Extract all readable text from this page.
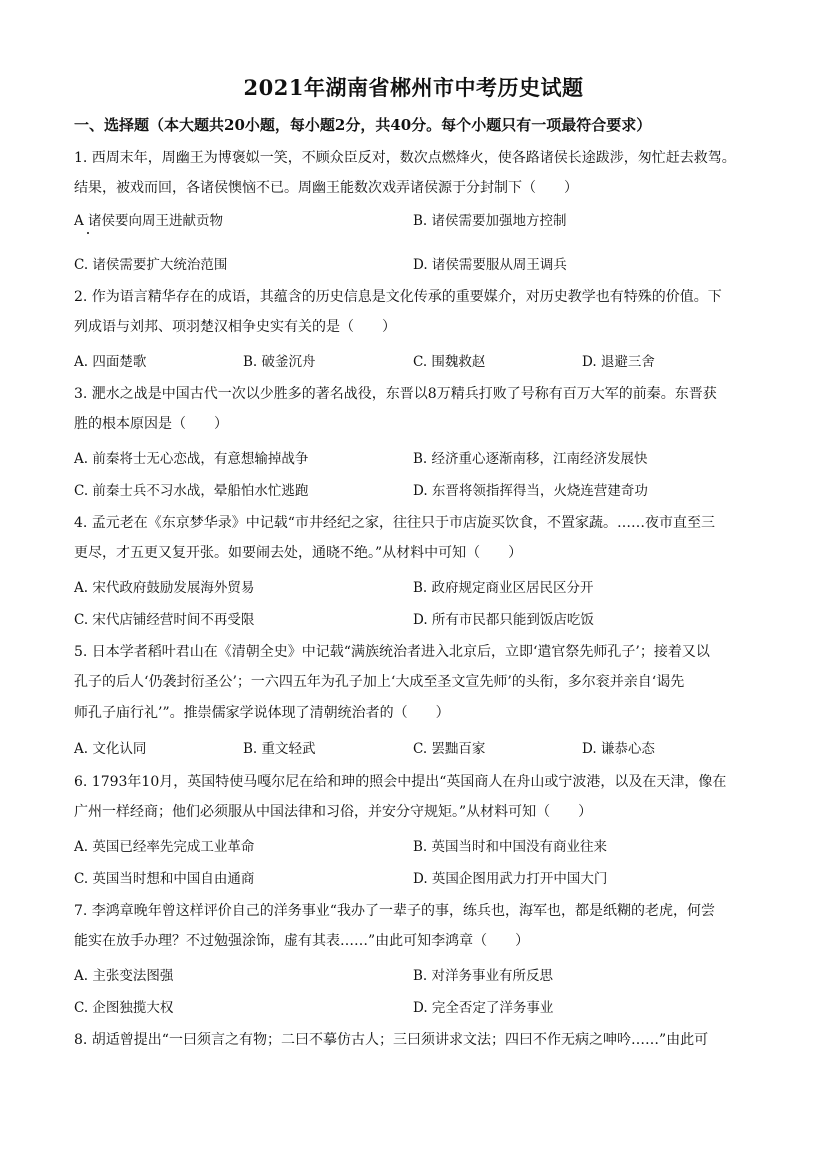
2021年湖南省郴州市中考历史试题
一、选择题（本大题共20小题，每小题2分，共40分。每个小题只有一项最符合要求）
1. 西周末年，周幽王为博褒姒一笑，不顾众臣反对，数次点燃烽火，使各路诸侯长途跋涉，匆忙赶去救驾。
结果，被戏而回，各诸侯懊恼不已。周幽王能数次戏弄诸侯源于分封制下（　　）
A 诸侯要向周王进献贡物	B. 诸侯需要加强地方控制
C. 诸侯需要扩大统治范围	D. 诸侯需要服从周王调兵
2. 作为语言精华存在的成语，其蕴含的历史信息是文化传承的重要媒介，对历史教学也有特殊的价值。下
列成语与刘邦、项羽楚汉相争史实有关的是（　　）
A. 四面楚歌	B. 破釜沉舟	C. 围魏救赵	D. 退避三舍
3. 淝水之战是中国古代一次以少胜多的著名战役，东晋以8万精兵打败了号称有百万大军的前秦。东晋获
胜的根本原因是（　　）
A. 前秦将士无心恋战，有意想输掉战争	B. 经济重心逐渐南移，江南经济发展快
C. 前秦士兵不习水战，晕船怕水忙逃跑	D. 东晋将领指挥得当，火烧连营建奇功
4. 孟元老在《东京梦华录》中记载“市井经纪之家，往往只于市店旋买饮食，不置家蔬。……夜市直至三
更尽，才五更又复开张。如要闹去处，通晓不绝。”从材料中可知（　　）
A. 宋代政府鼓励发展海外贸易	B. 政府规定商业区居民区分开
C. 宋代店铺经营时间不再受限	D. 所有市民都只能到饭店吃饭
5. 日本学者稻叶君山在《清朝全史》中记载“满族统治者进入北京后，立即‘遣官祭先师孔子’；接着又以
孔子的后人‘仍袭封衍圣公’；一六四五年为孔子加上‘大成至圣文宣先师’的头衔，多尔衮并亲自‘谒先
师孔子庙行礼’”。推崇儒家学说体现了清朝统治者的（　　）
A. 文化认同	B. 重文轻武	C. 罢黜百家	D. 谦恭心态
6. 1793年10月，英国特使马嘎尔尼在给和珅的照会中提出“英国商人在舟山或宁波港，以及在天津，像在
广州一样经商；他们必须服从中国法律和习俗，并安分守规矩。”从材料可知（　　）
A. 英国已经率先完成工业革命	B. 英国当时和中国没有商业往来
C. 英国当时想和中国自由通商	D. 英国企图用武力打开中国大门
7. 李鸿章晚年曾这样评价自己的洋务事业“我办了一辈子的事，练兵也，海军也，都是纸糊的老虎，何尝
能实在放手办理？不过勉强涂饰，虚有其表……”由此可知李鸿章（　　）
A. 主张变法图强	B. 对洋务事业有所反思
C. 企图独揽大权	D. 完全否定了洋务事业
8. 胡适曾提出“一曰须言之有物；二曰不摹仿古人；三曰须讲求文法；四曰不作无病之呻吟……”由此可
